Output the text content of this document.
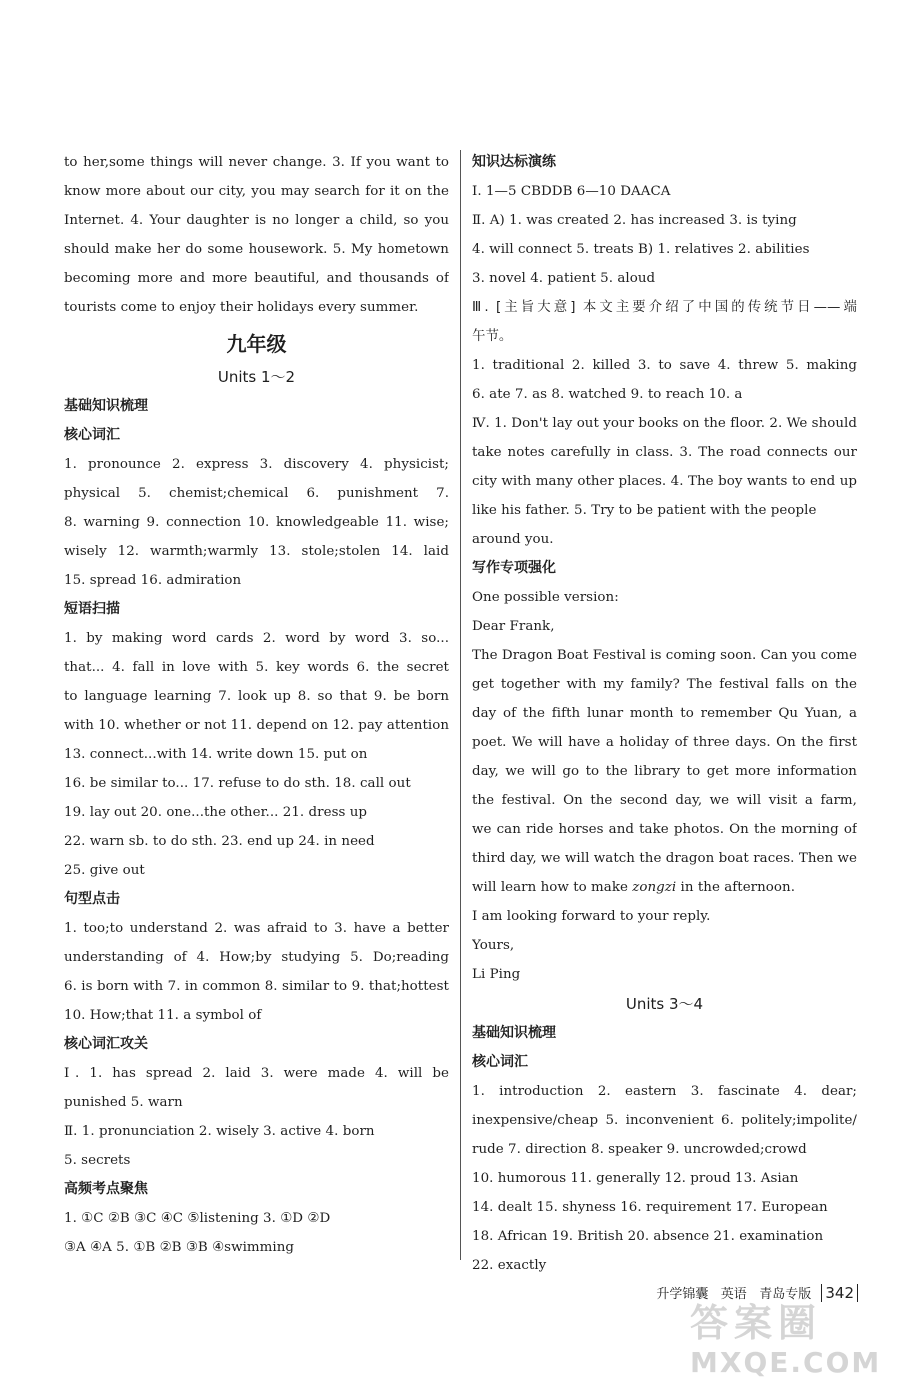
to her,some things will never change. 3. If you want to
know more about our city, you may search for it on the
Internet. 4. Your daughter is no longer a child, so you
should make her do some housework. 5. My hometown
becoming more and more beautiful, and thousands of
tourists come to enjoy their holidays every summer.
九年级
Units 1～2
基础知识梳理
核心词汇
1. pronounce 2. express 3. discovery 4. physicist;
physical 5. chemist;chemical 6. punishment 7.
8. warning 9. connection 10. knowledgeable 11. wise;
wisely 12. warmth;warmly 13. stole;stolen 14. laid
15. spread 16. admiration
短语扫描
1. by making word cards 2. word by word 3. so...
that... 4. fall in love with 5. key words 6. the secret
to language learning 7. look up 8. so that 9. be born
with 10. whether or not 11. depend on 12. pay attention
13. connect...with 14. write down 15. put on
16. be similar to... 17. refuse to do sth. 18. call out
19. lay out 20. one...the other... 21. dress up
22. warn sb. to do sth. 23. end up 24. in need
25. give out
句型点击
1. too;to understand 2. was afraid to 3. have a better
understanding of 4. How;by studying 5. Do;reading
6. is born with 7. in common 8. similar to 9. that;hottest
10. How;that 11. a symbol of
核心词汇攻关
Ⅰ. 1. has spread 2. laid 3. were made 4. will be
punished 5. warn
Ⅱ. 1. pronunciation 2. wisely 3. active 4. born
5. secrets
高频考点聚焦
1. ①C ②B ③C ④C ⑤listening 3. ①D ②D
③A ④A 5. ①B ②B ③B ④swimming
知识达标演练
Ⅰ. 1—5 CBDDB 6—10 DAACA
Ⅱ. A) 1. was created 2. has increased 3. is tying
4. will connect 5. treats B) 1. relatives 2. abilities
3. novel 4. patient 5. aloud
Ⅲ. [主旨大意] 本文主要介绍了中国的传统节日——端
午节。
1. traditional 2. killed 3. to save 4. threw 5. making
6. ate 7. as 8. watched 9. to reach 10. a
Ⅳ. 1. Don't lay out your books on the floor. 2. We should
take notes carefully in class. 3. The road connects our
city with many other places. 4. The boy wants to end up
like his father. 5. Try to be patient with the people
around you.
写作专项强化
One possible version:
Dear Frank,
The Dragon Boat Festival is coming soon. Can you come
get together with my family? The festival falls on the
day of the fifth lunar month to remember Qu Yuan, a
poet. We will have a holiday of three days. On the first
day, we will go to the library to get more information
the festival. On the second day, we will visit a farm,
we can ride horses and take photos. On the morning of
third day, we will watch the dragon boat races. Then we
will learn how to make zongzi in the afternoon.
I am looking forward to your reply.
Yours,
Li Ping
Units 3～4
基础知识梳理
核心词汇
1. introduction 2. eastern 3. fascinate 4. dear;
inexpensive/cheap 5. inconvenient 6. politely;impolite/
rude 7. direction 8. speaker 9. uncrowded;crowd
10. humorous 11. generally 12. proud 13. Asian
14. dealt 15. shyness 16. requirement 17. European
18. African 19. British 20. absence 21. examination
22. exactly
升学锦囊 英语 青岛专版 342
答案圈
MXQE.COM
